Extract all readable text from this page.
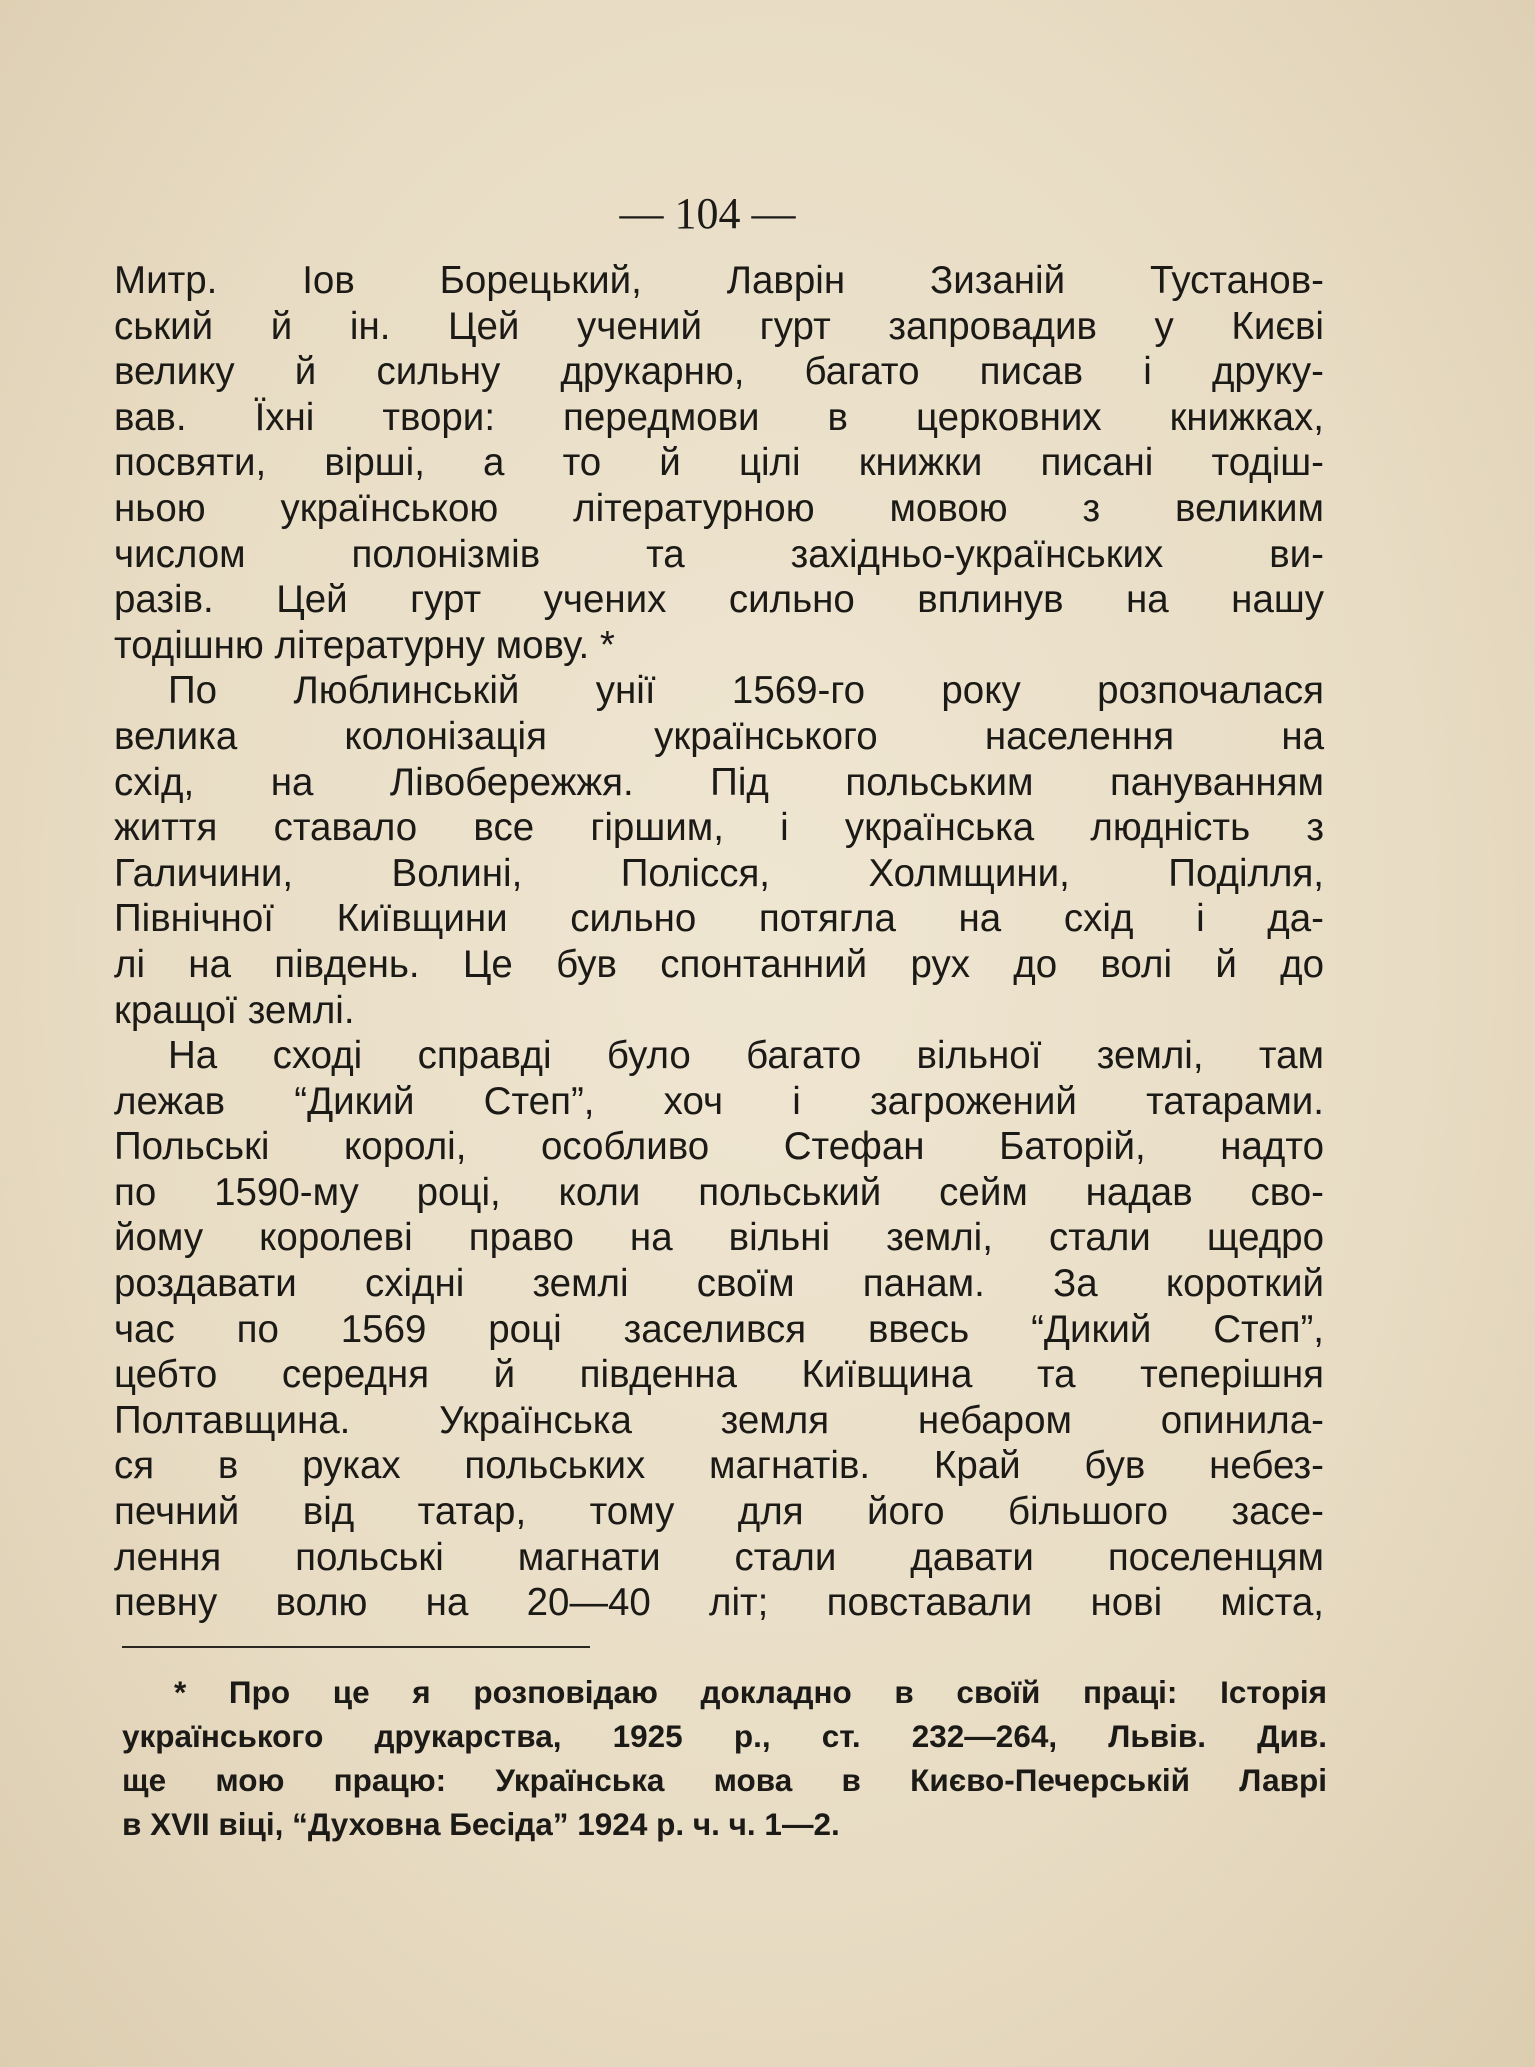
— 104 —
Митр. Іов Борецький, Лаврін Зизаній Тустанов-
ський й ін. Цей учений гурт запровадив у Києві
велику й сильну друкарню, багато писав і друку-
вав. Їхні твори: передмови в церковних книжках,
посвяти, вірші, а то й цілі книжки писані тодіш-
ньою українською літературною мовою з великим
числом полонізмів та західньо-українських ви-
разів. Цей гурт учених сильно вплинув на нашу
тодішню літературну мову. *
По Люблинській унії 1569-го року розпочалася
велика колонізація українського населення на
схід, на Лівобережжя. Під польським пануванням
життя ставало все гіршим, і українська людність з
Галичини, Волині, Полісся, Холмщини, Поділля,
Північної Київщини сильно потягла на схід і да-
лі на південь. Це був спонтанний рух до волі й до
кращої землі.
На сході справді було багато вільної землі, там
лежав “Дикий Степ”, хоч і загрожений татарами.
Польські королі, особливо Стефан Баторій, надто
по 1590-му році, коли польський сейм надав сво-
йому королеві право на вільні землі, стали щедро
роздавати східні землі своїм панам. За короткий
час по 1569 році заселився ввесь “Дикий Степ”,
цебто середня й південна Київщина та теперішня
Полтавщина. Українська земля небаром опинила-
ся в руках польських магнатів. Край був небез-
печний від татар, тому для його більшого засе-
лення польські магнати стали давати поселенцям
певну волю на 20—40 літ; повставали нові міста,
* Про це я розповідаю докладно в своїй праці: Історія
українського друкарства, 1925 р., ст. 232—264, Львів. Див.
ще мою працю: Українська мова в Києво-Печерській Лаврі
в XVII віці, “Духовна Бесіда” 1924 р. ч. ч. 1—2.
